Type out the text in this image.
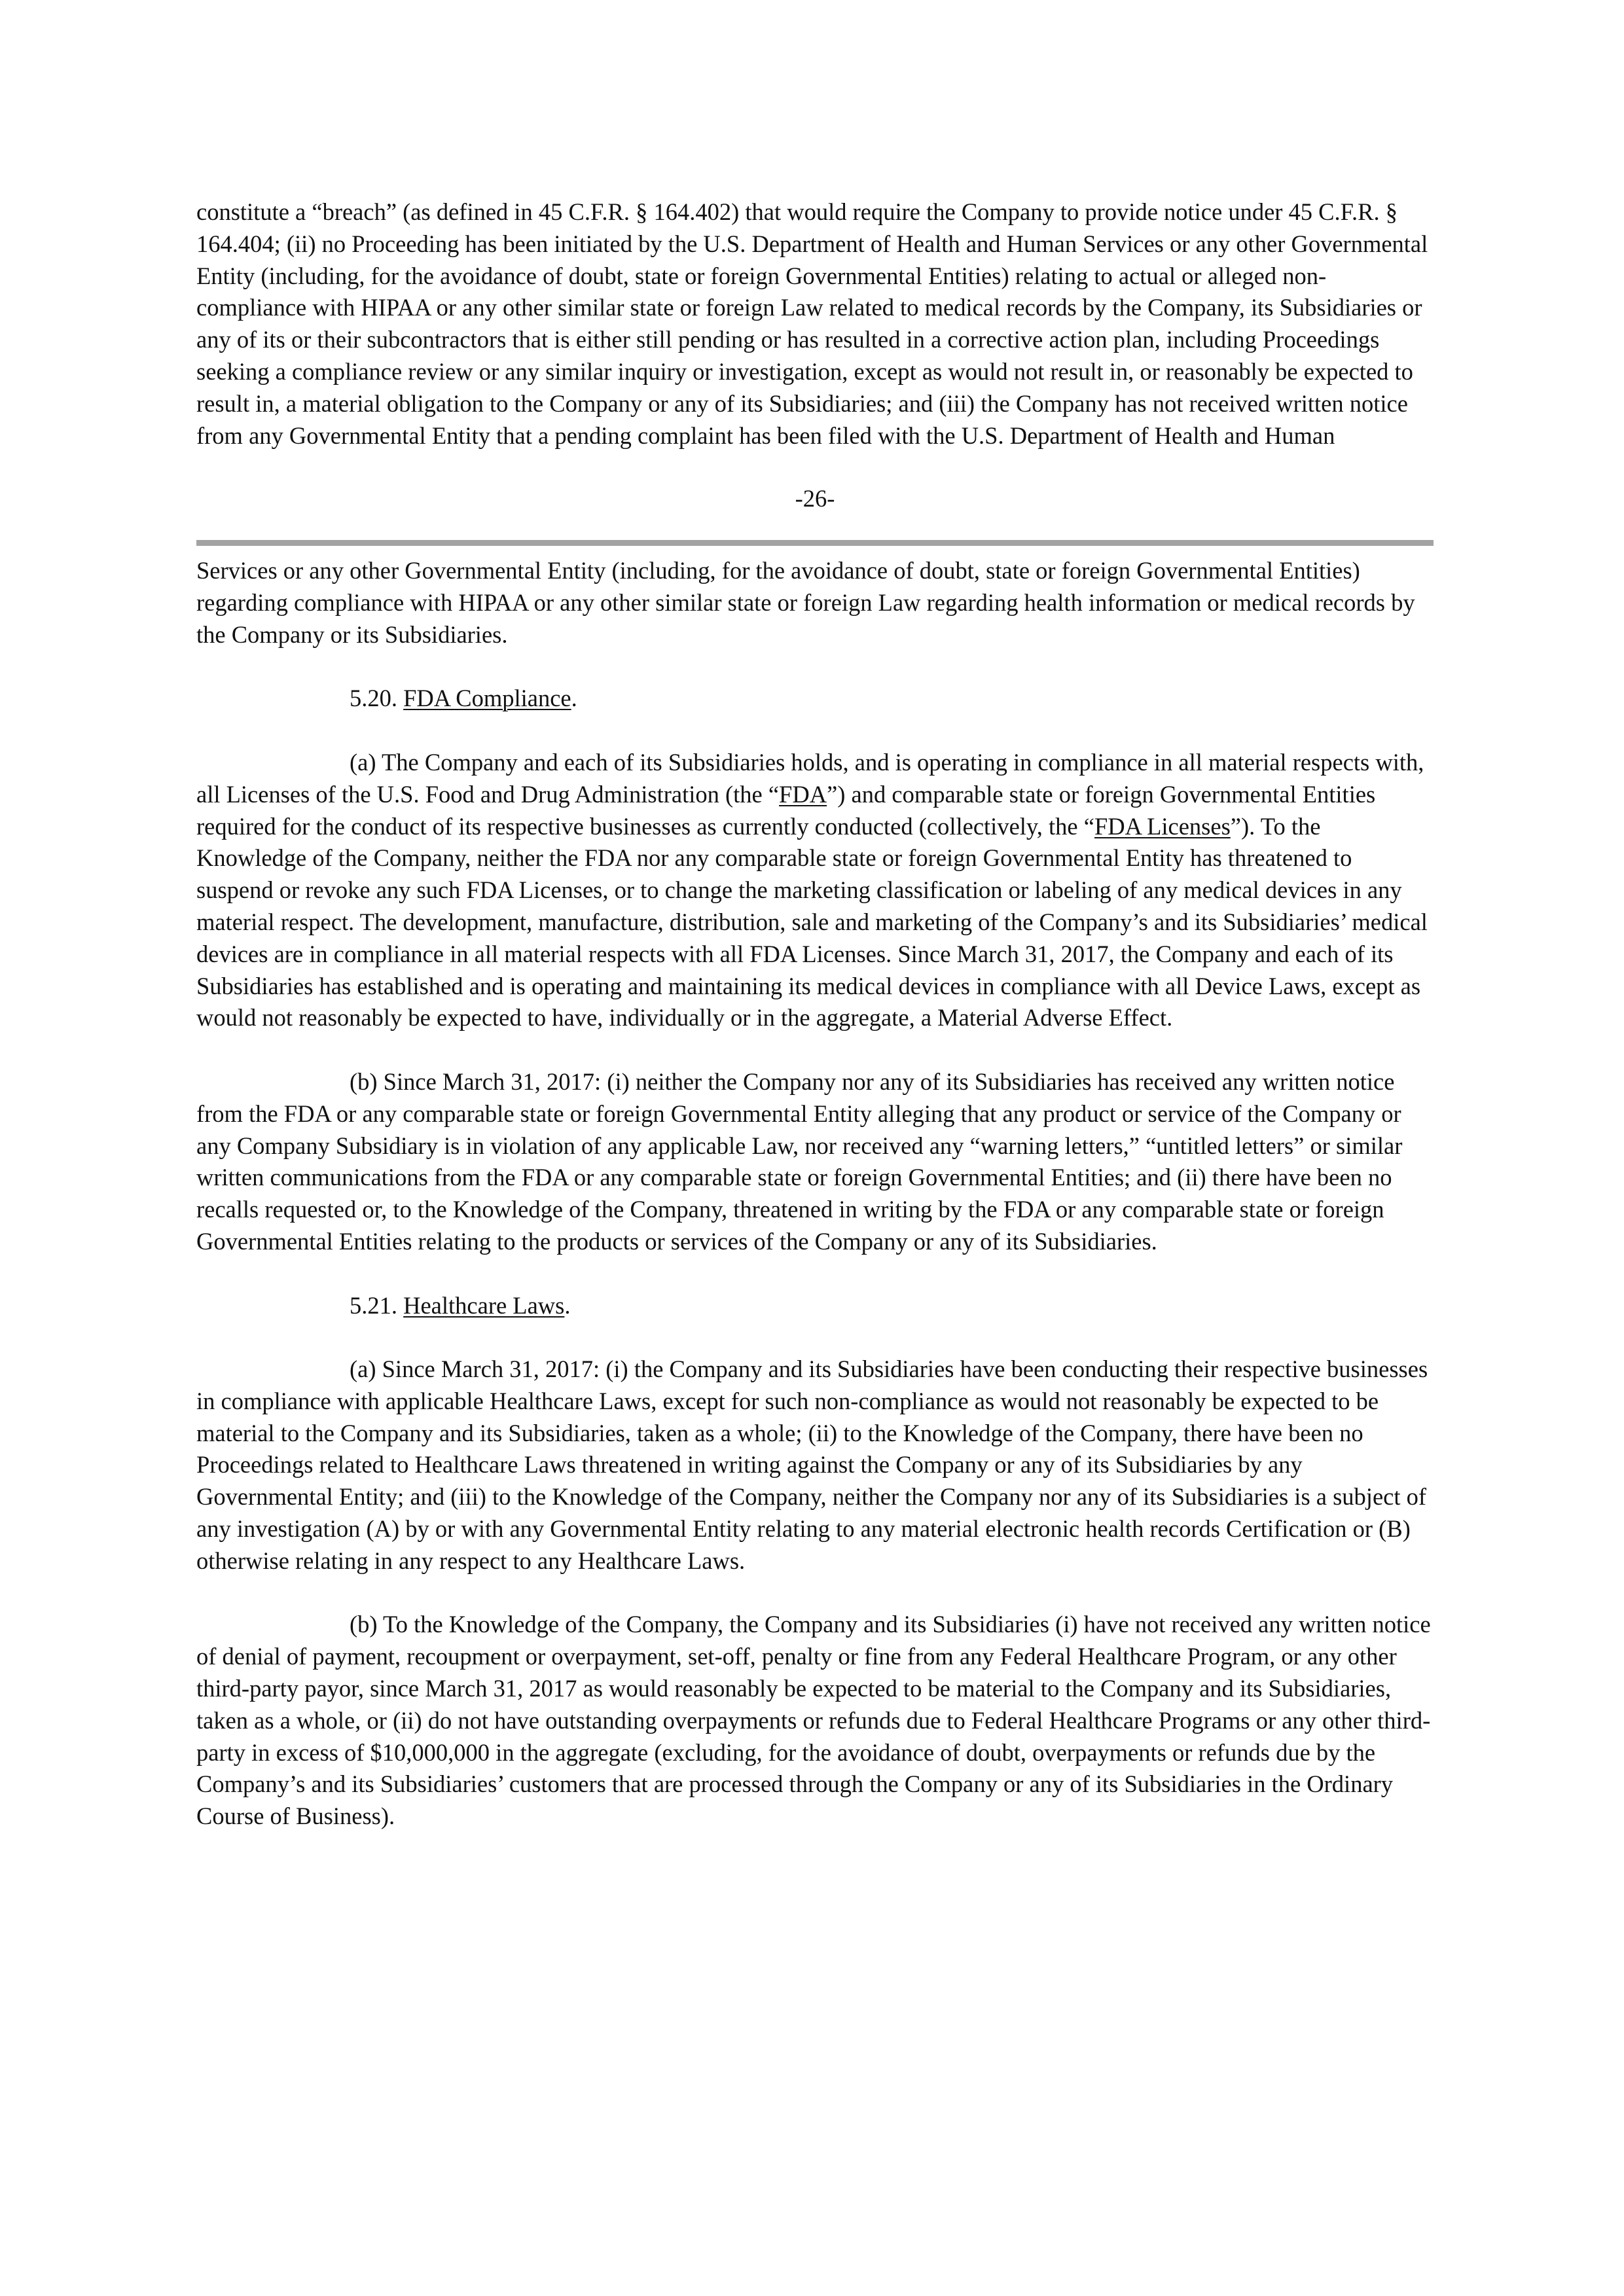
constitute a “breach” (as defined in 45 C.F.R. § 164.402) that would require the Company to provide notice under 45 C.F.R. § 164.404; (ii) no Proceeding has been initiated by the U.S. Department of Health and Human Services or any other Governmental Entity (including, for the avoidance of doubt, state or foreign Governmental Entities) relating to actual or alleged non-compliance with HIPAA or any other similar state or foreign Law related to medical records by the Company, its Subsidiaries or any of its or their subcontractors that is either still pending or has resulted in a corrective action plan, including Proceedings seeking a compliance review or any similar inquiry or investigation, except as would not result in, or reasonably be expected to result in, a material obligation to the Company or any of its Subsidiaries; and (iii) the Company has not received written notice from any Governmental Entity that a pending complaint has been filed with the U.S. Department of Health and Human

-26-

Services or any other Governmental Entity (including, for the avoidance of doubt, state or foreign Governmental Entities) regarding compliance with HIPAA or any other similar state or foreign Law regarding health information or medical records by the Company or its Subsidiaries.

5.20. FDA Compliance.

(a) The Company and each of its Subsidiaries holds, and is operating in compliance in all material respects with, all Licenses of the U.S. Food and Drug Administration (the “FDA”) and comparable state or foreign Governmental Entities required for the conduct of its respective businesses as currently conducted (collectively, the “FDA Licenses”). To the Knowledge of the Company, neither the FDA nor any comparable state or foreign Governmental Entity has threatened to suspend or revoke any such FDA Licenses, or to change the marketing classification or labeling of any medical devices in any material respect. The development, manufacture, distribution, sale and marketing of the Company’s and its Subsidiaries’ medical devices are in compliance in all material respects with all FDA Licenses. Since March 31, 2017, the Company and each of its Subsidiaries has established and is operating and maintaining its medical devices in compliance with all Device Laws, except as would not reasonably be expected to have, individually or in the aggregate, a Material Adverse Effect.

(b) Since March 31, 2017: (i) neither the Company nor any of its Subsidiaries has received any written notice from the FDA or any comparable state or foreign Governmental Entity alleging that any product or service of the Company or any Company Subsidiary is in violation of any applicable Law, nor received any “warning letters,” “untitled letters” or similar written communications from the FDA or any comparable state or foreign Governmental Entities; and (ii) there have been no recalls requested or, to the Knowledge of the Company, threatened in writing by the FDA or any comparable state or foreign Governmental Entities relating to the products or services of the Company or any of its Subsidiaries.

5.21. Healthcare Laws.

(a) Since March 31, 2017: (i) the Company and its Subsidiaries have been conducting their respective businesses in compliance with applicable Healthcare Laws, except for such non-compliance as would not reasonably be expected to be material to the Company and its Subsidiaries, taken as a whole; (ii) to the Knowledge of the Company, there have been no Proceedings related to Healthcare Laws threatened in writing against the Company or any of its Subsidiaries by any Governmental Entity; and (iii) to the Knowledge of the Company, neither the Company nor any of its Subsidiaries is a subject of any investigation (A) by or with any Governmental Entity relating to any material electronic health records Certification or (B) otherwise relating in any respect to any Healthcare Laws.

(b) To the Knowledge of the Company, the Company and its Subsidiaries (i) have not received any written notice of denial of payment, recoupment or overpayment, set-off, penalty or fine from any Federal Healthcare Program, or any other third-party payor, since March 31, 2017 as would reasonably be expected to be material to the Company and its Subsidiaries, taken as a whole, or (ii) do not have outstanding overpayments or refunds due to Federal Healthcare Programs or any other third-party in excess of $10,000,000 in the aggregate (excluding, for the avoidance of doubt, overpayments or refunds due by the Company’s and its Subsidiaries’ customers that are processed through the Company or any of its Subsidiaries in the Ordinary Course of Business).
